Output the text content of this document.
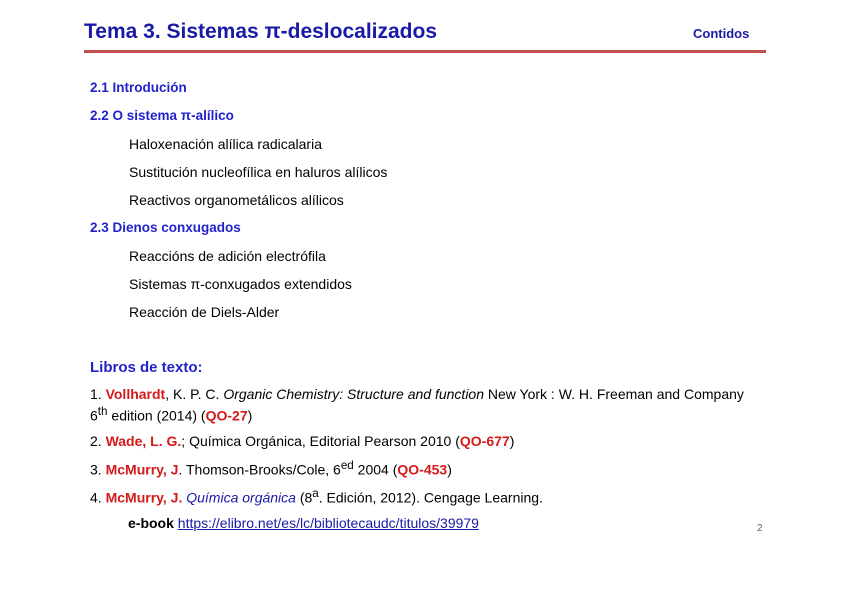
Tema 3. Sistemas π-deslocalizados	Contidos
2.1 Introdución
2.2 O sistema π-alílico
Haloxenación alílica radicalaria
Sustitución nucleofílica en haluros alílicos
Reactivos organometálicos alílicos
2.3 Dienos conxugados
Reaccións de adición electrófila
Sistemas π-conxugados extendidos
Reacción de Diels-Alder
Libros de texto:
1. Vollhardt, K. P. C. Organic Chemistry: Structure and function New York : W. H. Freeman and Company 6th edition (2014) (QO-27)
2. Wade, L. G.; Química Orgánica, Editorial Pearson 2010 (QO-677)
3. McMurry, J. Thomson-Brooks/Cole, $6^{ed}$ 2004 (QO-453)
4. McMurry, J. Química orgánica (8$^a$. Edición, 2012). Cengage Learning.
e-book https://elibro.net/es/lc/bibliotecaudc/titulos/39979	2
